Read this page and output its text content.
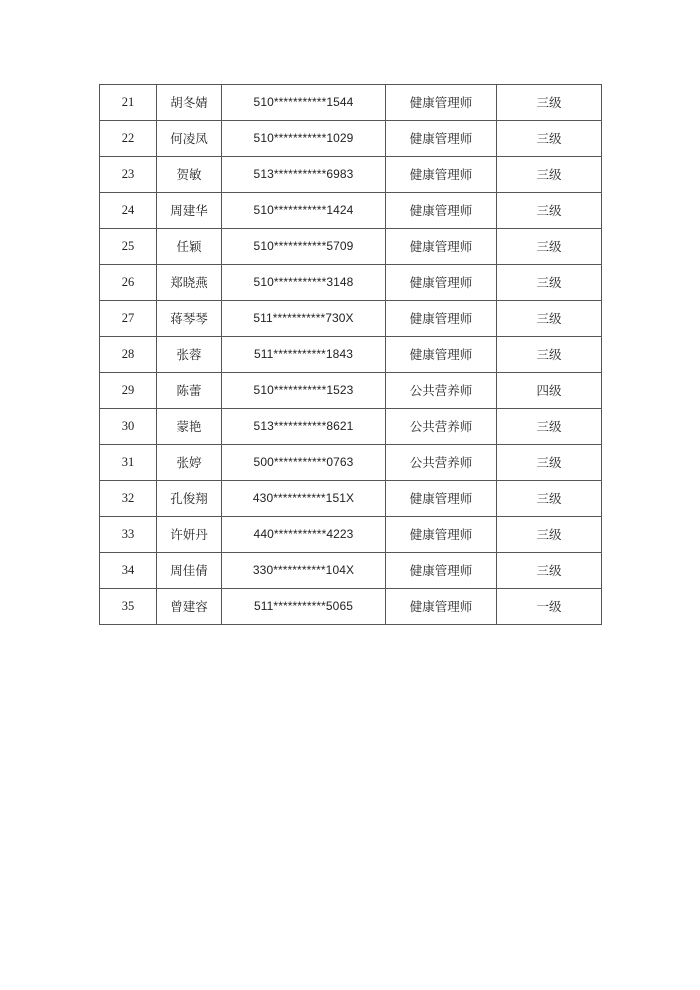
21	胡冬婧	510***********1544	健康管理师	三级
22	何凌凤	510***********1029	健康管理师	三级
23	贺敏	513***********6983	健康管理师	三级
24	周建华	510***********1424	健康管理师	三级
25	任颖	510***********5709	健康管理师	三级
26	郑晓燕	510***********3148	健康管理师	三级
27	蒋琴琴	511***********730X	健康管理师	三级
28	张蓉	511***********1843	健康管理师	三级
29	陈蕾	510***********1523	公共营养师	四级
30	蒙艳	513***********8621	公共营养师	三级
31	张婷	500***********0763	公共营养师	三级
32	孔俊翔	430***********151X	健康管理师	三级
33	许妍丹	440***********4223	健康管理师	三级
34	周佳倩	330***********104X	健康管理师	三级
35	曾建容	511***********5065	健康管理师	一级
